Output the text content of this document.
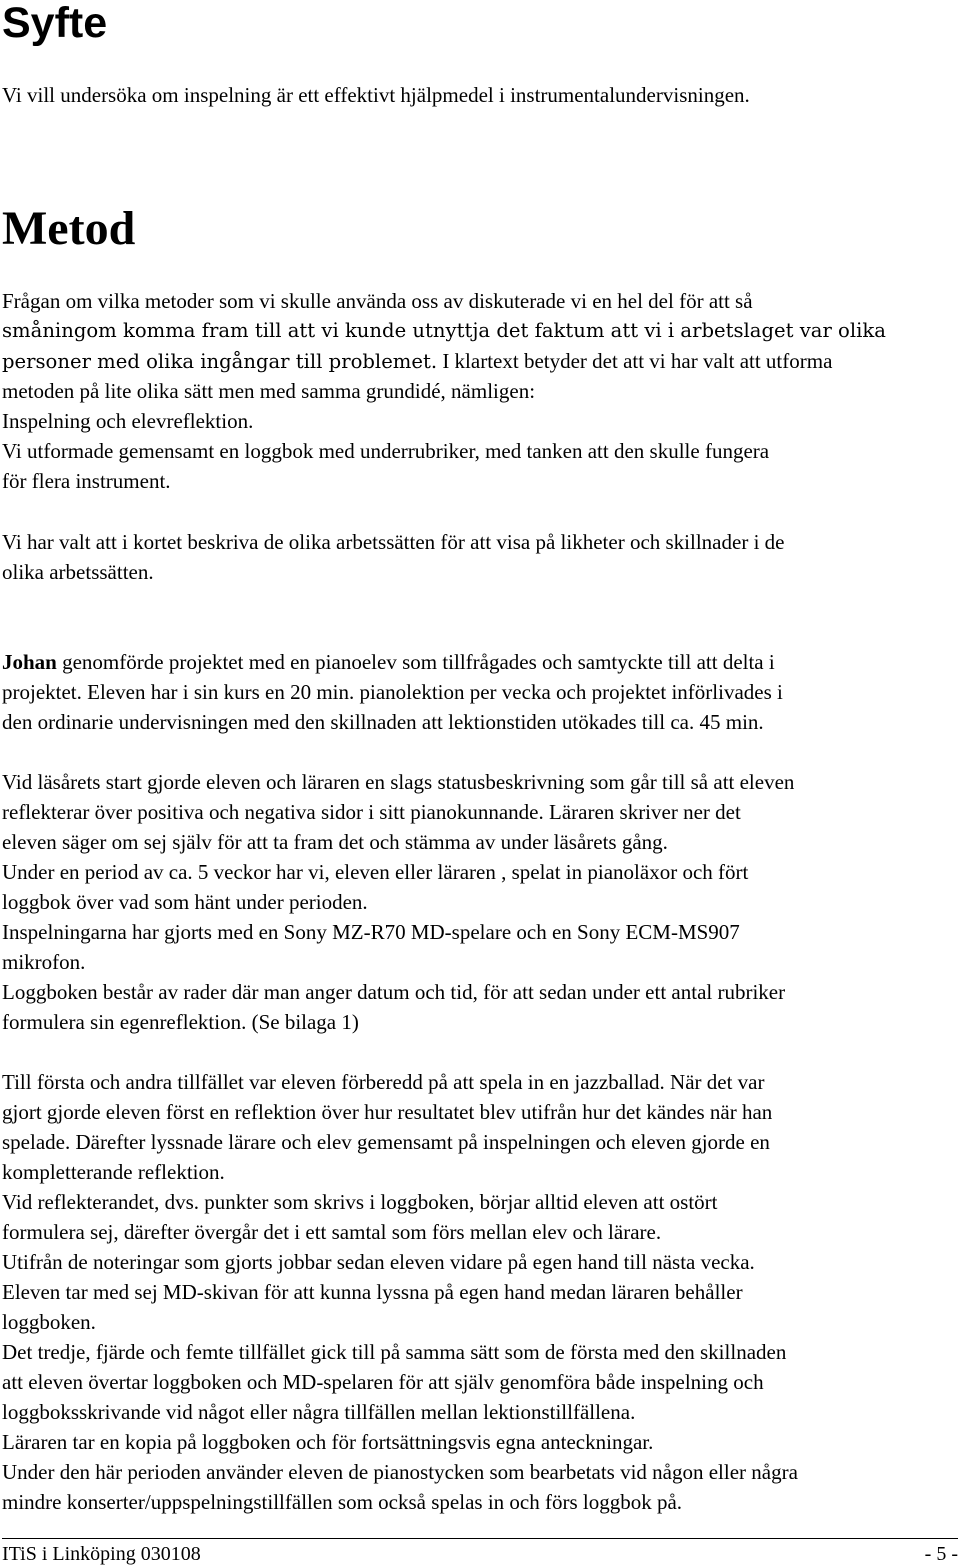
Syfte

Vi vill undersöka om inspelning är ett effektivt hjälpmedel i instrumentalundervisningen.

Metod

Frågan om vilka metoder som vi skulle använda oss av diskuterade vi en hel del för att så
småningom komma fram till att vi kunde utnyttja det faktum att vi i arbetslaget var olika
personer med olika ingångar till problemet. I klartext betyder det att vi har valt att utforma
metoden på lite olika sätt men med samma grundidé, nämligen:
Inspelning och elevreflektion.
Vi utformade gemensamt en loggbok med underrubriker, med tanken att den skulle fungera
för flera instrument.

Vi har valt att i kortet beskriva de olika arbetssätten för att visa på likheter och skillnader i de
olika arbetssätten.

Johan genomförde projektet med en pianoelev som tillfrågades och samtyckte till att delta i
projektet. Eleven har i sin kurs en 20 min. pianolektion per vecka och projektet införlivades i
den ordinarie undervisningen med den skillnaden att lektionstiden utökades till ca. 45 min.

Vid läsårets start gjorde eleven och läraren en slags statusbeskrivning som går till så att eleven
reflekterar över positiva och negativa sidor i sitt pianokunnande. Läraren skriver ner det
eleven säger om sej själv för att ta fram det och stämma av under läsårets gång.
Under en period av ca. 5 veckor har vi, eleven eller läraren , spelat in pianoläxor och fört
loggbok över vad som hänt under perioden.
Inspelningarna har gjorts med en Sony MZ-R70 MD-spelare och en Sony ECM-MS907
mikrofon.
Loggboken består av rader där man anger datum och tid, för att sedan under ett antal rubriker
formulera sin egenreflektion. (Se bilaga 1)

Till första och andra tillfället var eleven förberedd på att spela in en jazzballad. När det var
gjort gjorde eleven först en reflektion över hur resultatet blev utifrån hur det kändes när han
spelade. Därefter lyssnade lärare och elev gemensamt på inspelningen och eleven gjorde en
kompletterande reflektion.
Vid reflekterandet, dvs. punkter som skrivs i loggboken, börjar alltid eleven att ostört
formulera sej, därefter övergår det i ett samtal som förs mellan elev och lärare.
Utifrån de noteringar som gjorts jobbar sedan eleven vidare på egen hand till nästa vecka.
Eleven tar med sej MD-skivan för att kunna lyssna på egen hand medan läraren behåller
loggboken.
Det tredje, fjärde och femte tillfället gick till på samma sätt som de första med den skillnaden
att eleven övertar loggboken och MD-spelaren för att själv genomföra både inspelning och
loggboksskrivande vid något eller några tillfällen mellan lektionstillfällena.
Läraren tar en kopia på loggboken och för fortsättningsvis egna anteckningar.
Under den här perioden använder eleven de pianostycken som bearbetats vid någon eller några
mindre konserter/uppspelningstillfällen som också spelas in och förs loggbok på.

ITiS i Linköping 030108	- 5 -
